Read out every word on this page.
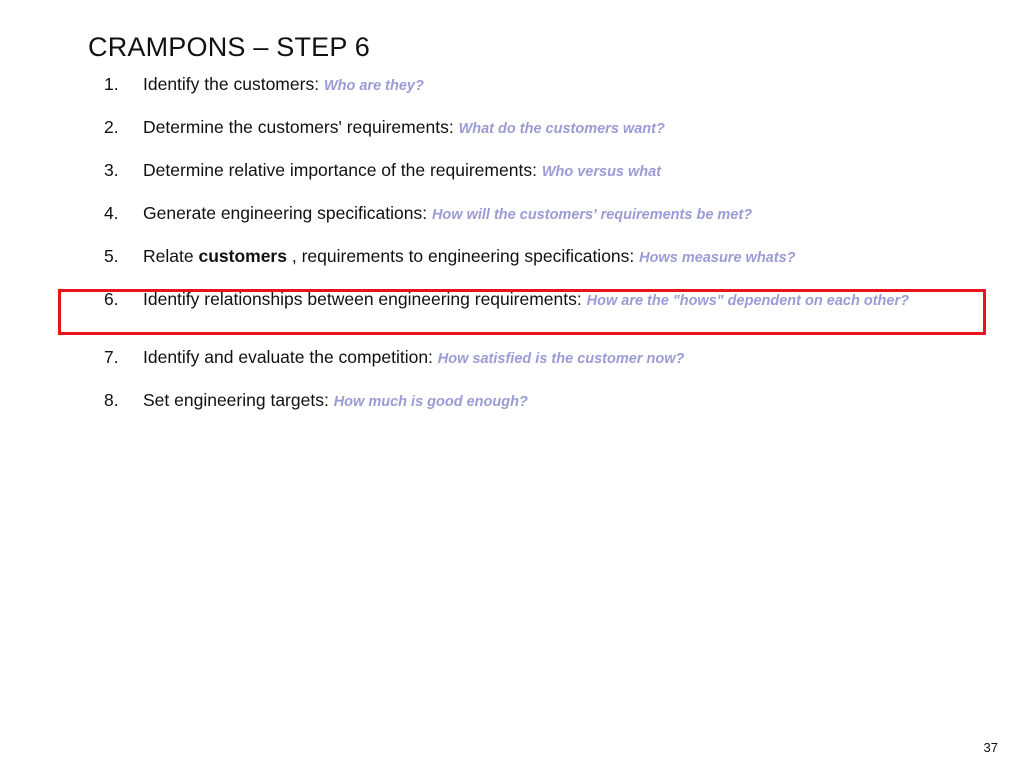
CRAMPONS – STEP 6
1.	Identify the customers: Who are they?
2.	Determine the customers' requirements: What do the customers want?
3.	Determine relative importance of the requirements: Who versus what
4.	Generate engineering specifications: How will the customers' requirements be met?
5.	Relate customers , requirements to engineering specifications: Hows measure whats?
6.	Identify relationships between engineering requirements: How are the "hows" dependent on each other?
7.	Identify and evaluate the competition: How satisfied is the customer now?
8.	Set engineering targets: How much is good enough?
37
